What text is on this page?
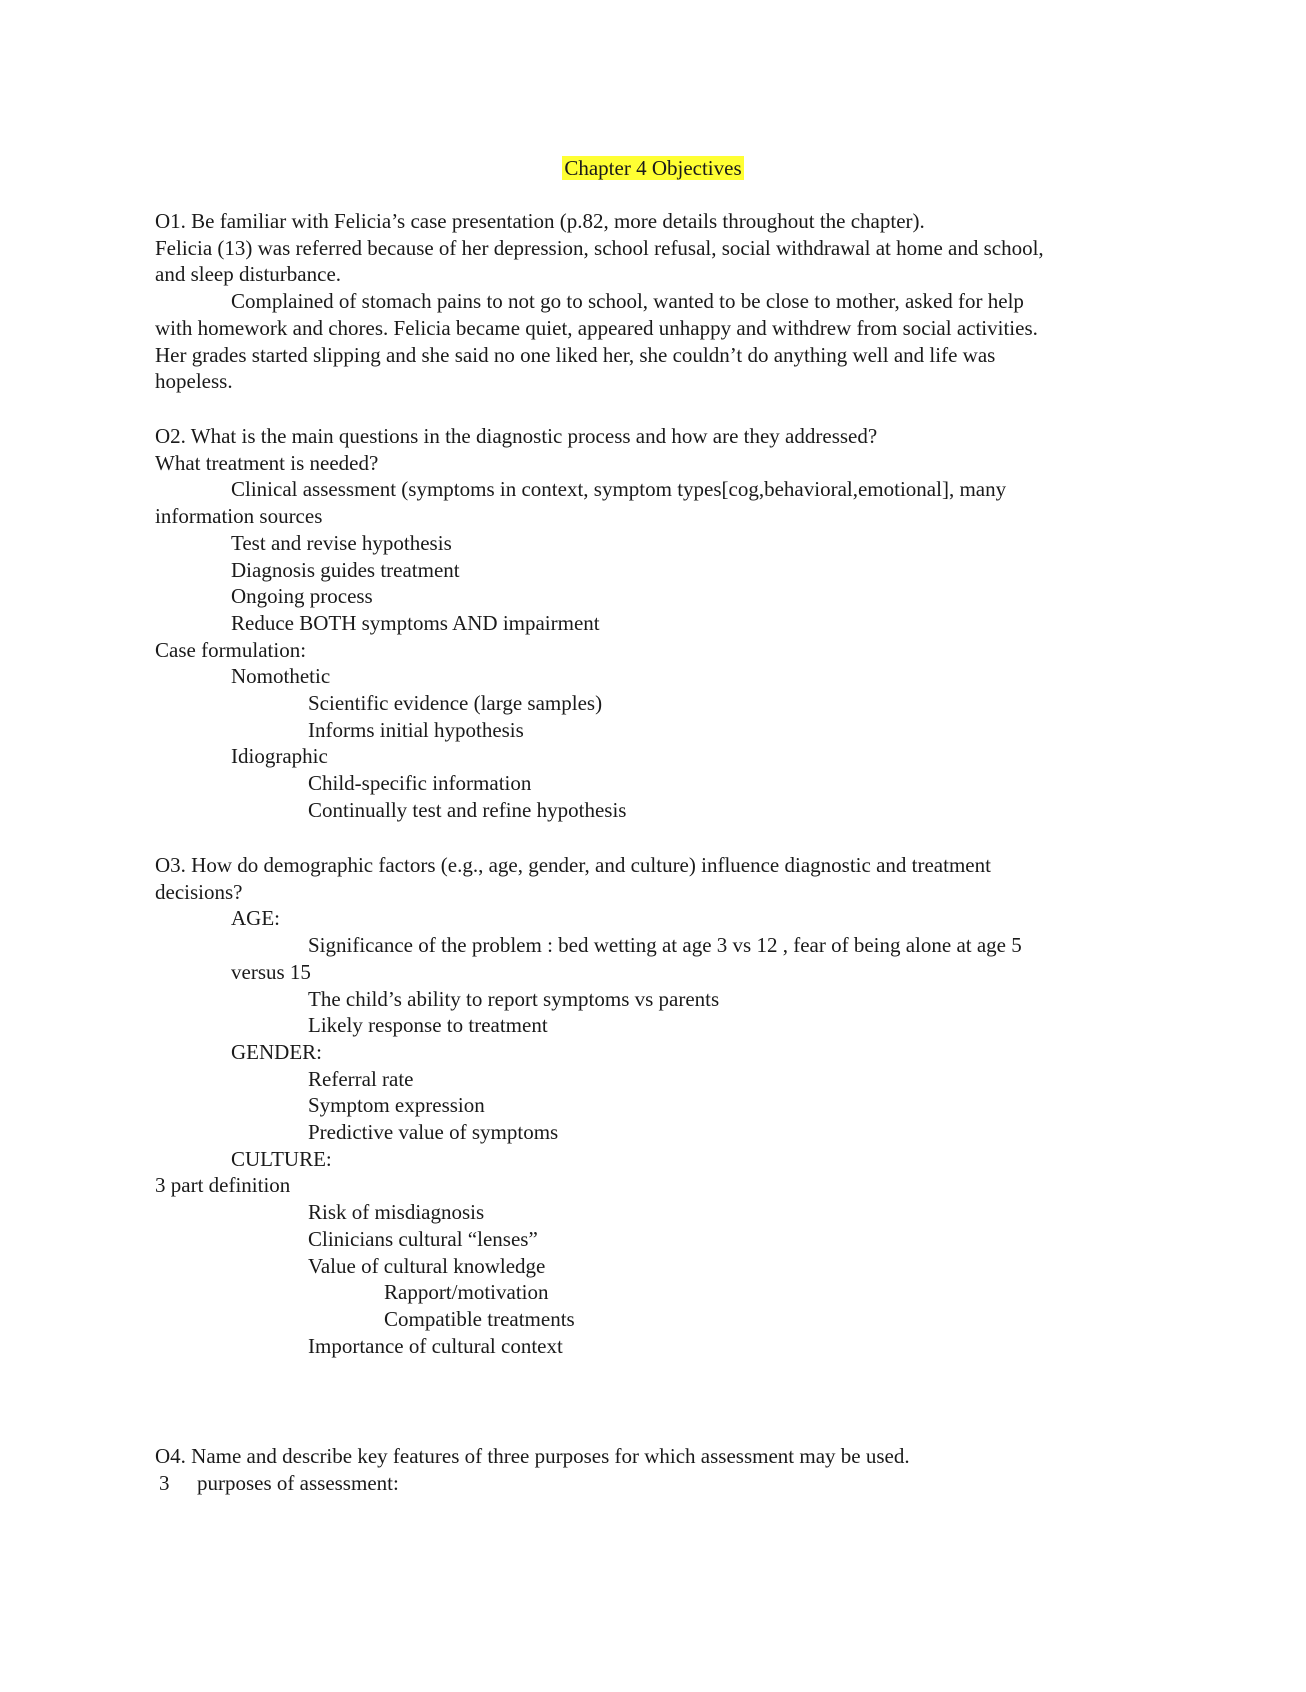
Chapter 4 Objectives

O1. Be familiar with Felicia’s case presentation (p.82, more details throughout the chapter).

Felicia (13) was referred because of her depression, school refusal, social withdrawal at home and school,

and sleep disturbance.

Complained of stomach pains to not go to school, wanted to be close to mother, asked for help

with homework and chores. Felicia became quiet, appeared unhappy and withdrew from social activities.

Her grades started slipping and she said no one liked her, she couldn’t do anything well and life was

hopeless.

O2. What is the main questions in the diagnostic process and how are they addressed?

What treatment is needed?

Clinical assessment (symptoms in context, symptom types[cog,behavioral,emotional], many

information sources

Test and revise hypothesis

Diagnosis guides treatment

Ongoing process

Reduce BOTH symptoms AND impairment

Case formulation:

Nomothetic

Scientific evidence (large samples)

Informs initial hypothesis

Idiographic

Child-specific information

Continually test and refine hypothesis

O3. How do demographic factors (e.g., age, gender, and culture) influence diagnostic and treatment

decisions?

AGE:

Significance of the problem : bed wetting at age 3 vs 12 , fear of being alone at age 5

versus 15

The child’s ability to report symptoms vs parents

Likely response to treatment

GENDER:

Referral rate

Symptom expression

Predictive value of symptoms

CULTURE:

3 part definition

Risk of misdiagnosis

Clinicians cultural “lenses”

Value of cultural knowledge

Rapport/motivation

Compatible treatments

Importance of cultural context

O4. Name and describe key features of three purposes for which assessment may be used.

3 purposes of assessment:
